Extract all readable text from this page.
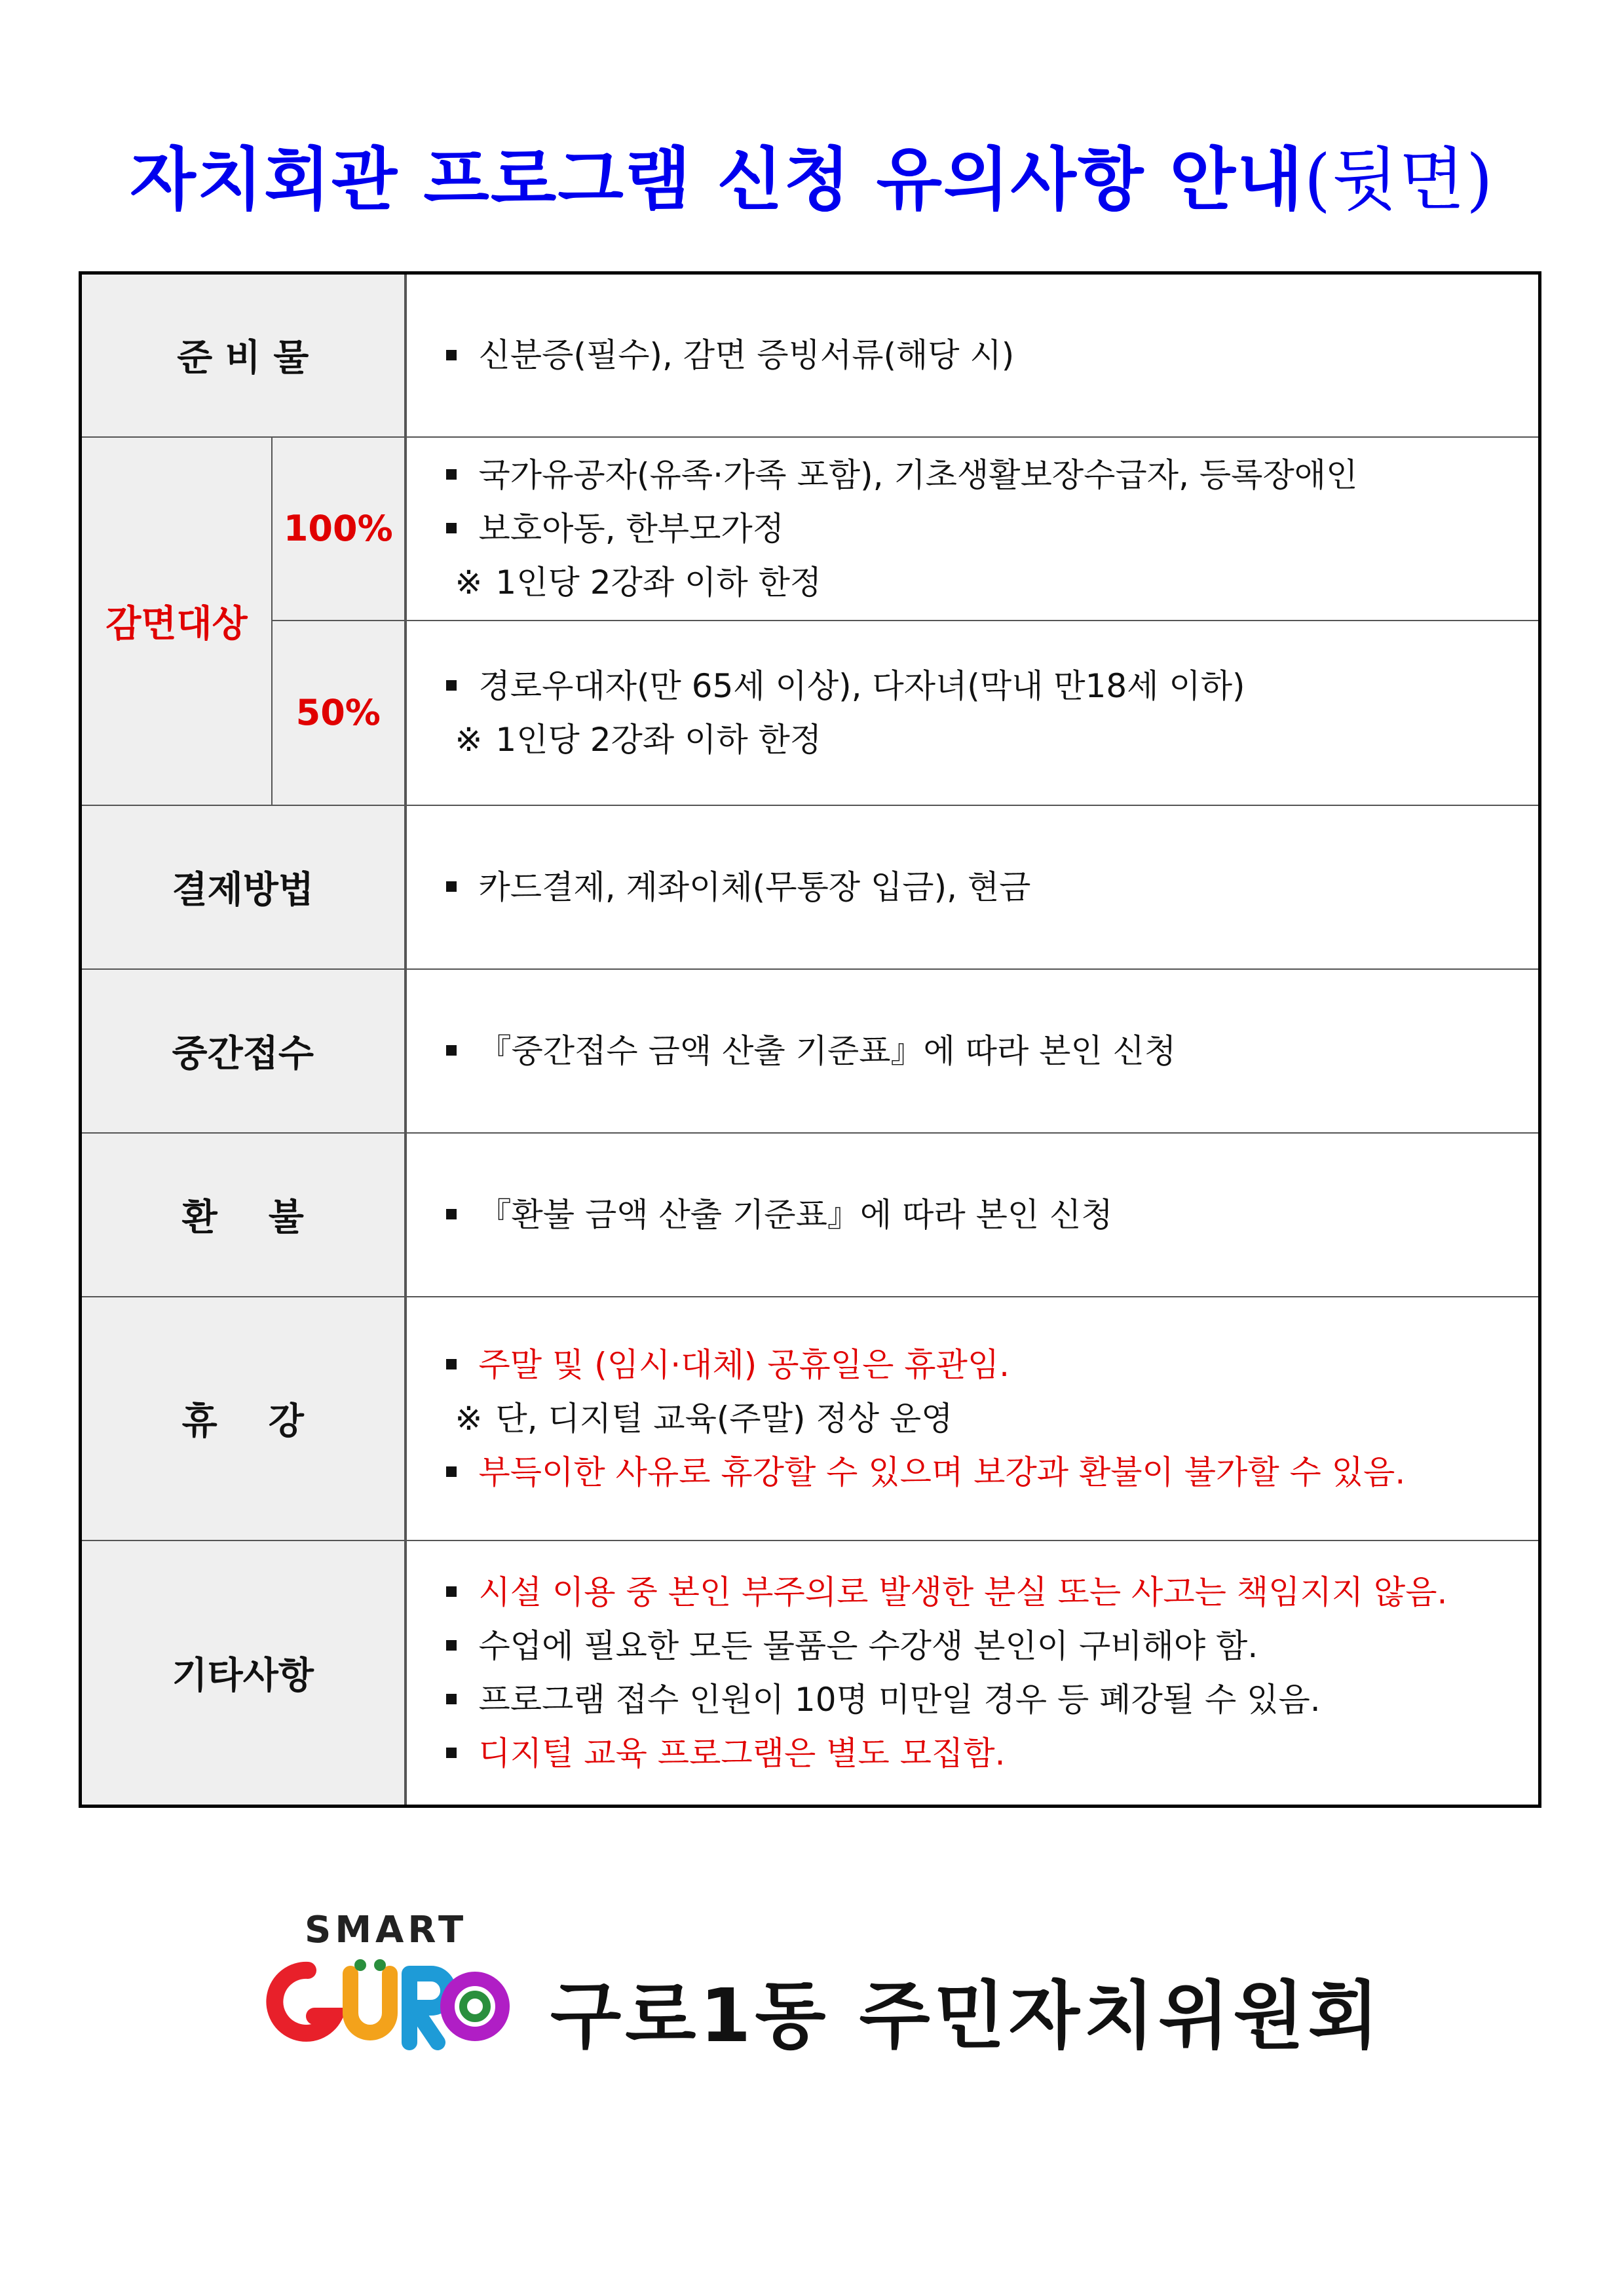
자치회관 프로그램 신청 유의사항 안내(뒷면)
준 비 물			신분증(필수), 감면 증빙서류(해당 시)

감면대상	100%		국가유공자(유족·가족 포함), 기초생활보장수급자, 등록장애인
보호아동, 한부모가정
※ 1인당 2강좌 이하 한정

	50%		경로우대자(만 65세 이상), 다자녀(막내 만18세 이하)
※ 1인당 2강좌 이하 한정

결제방법			카드결제, 계좌이체(무통장 입금), 현금

중간접수			『중간접수 금액 산출 기준표』에 따라 본인 신청

환    불			『환불 금액 산출 기준표』에 따라 본인 신청

휴    강			주말 및 (임시·대체) 공휴일은 휴관임.
※ 단, 디지털 교육(주말) 정상 운영
부득이한 사유로 휴강할 수 있으며 보강과 환불이 불가할 수 있음.

기타사항			시설 이용 중 본인 부주의로 발생한 분실 또는 사고는 책임지지 않음.
수업에 필요한 모든 물품은 수강생 본인이 구비해야 함.
프로그램 접수 인원이 10명 미만일 경우 등 폐강될 수 있음.
디지털 교육 프로그램은 별도 모집함.
SMART
구로1동 주민자치위원회
